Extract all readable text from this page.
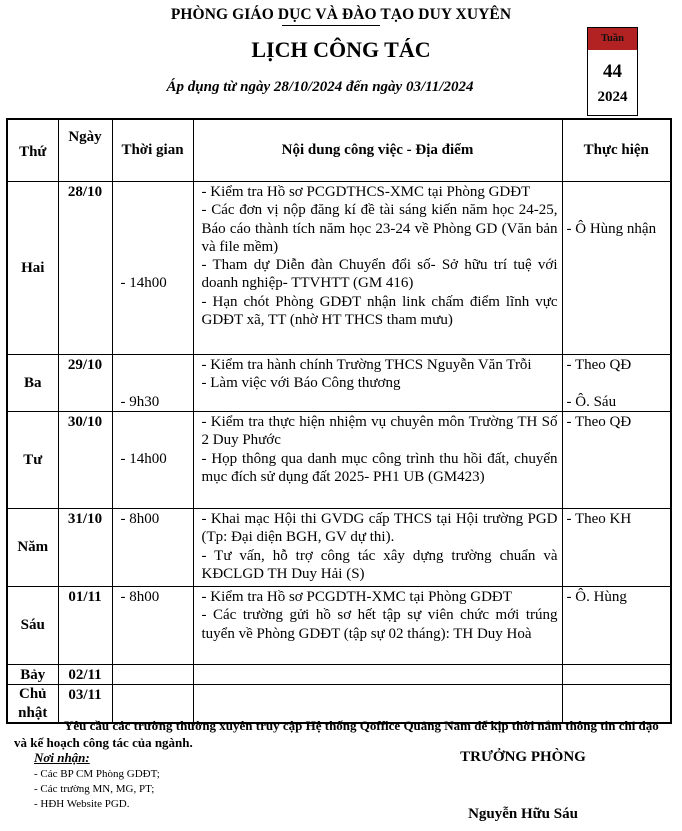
PHÒNG GIÁO DỤC VÀ ĐÀO TẠO DUY XUYÊN
LỊCH CÔNG TÁC
Áp dụng từ ngày 28/10/2024 đến ngày 03/11/2024
Tuần
44
2024
Thứ	Ngày	Thời gian	Nội dung công việc - Địa điểm	Thực hiện
Hai	28/10	- 14h00	- Kiểm tra Hồ sơ PCGDTHCS-XMC tại Phòng GDĐT
- Các đơn vị nộp đăng kí đề tài sáng kiến năm học 24-25, Báo cáo thành tích năm học 23-24 về Phòng GD (Văn bản và file mềm)
- Tham dự Diễn đàn Chuyển đổi số- Sở hữu trí tuệ với doanh nghiệp- TTVHTT (GM 416)
- Hạn chót Phòng GDĐT nhận link chấm điểm lĩnh vực GDĐT xã, TT (nhờ HT THCS tham mưu)	- Ô Hùng nhận

Ba	29/10	- 9h30	- Kiểm tra hành chính Trường THCS Nguyễn Văn Trỗi
- Làm việc với Báo Công thương	- Theo QĐ

- Ô. Sáu

Tư	30/10	- 14h00	- Kiểm tra thực hiện nhiệm vụ chuyên môn Trường TH Số 2 Duy Phước
- Họp thông qua danh mục công trình thu hồi đất, chuyển mục đích sử dụng đất 2025- PH1 UB (GM423)	- Theo QĐ

Năm	31/10	- 8h00	- Khai mạc Hội thi GVDG cấp THCS tại Hội trường PGD (Tp: Đại diện BGH, GV dự thi).
- Tư vấn, hỗ trợ công tác xây dựng trường chuẩn và KĐCLGD TH Duy Hải (S)	- Theo KH

Sáu	01/11	- 8h00	- Kiểm tra Hồ sơ PCGDTH-XMC tại Phòng GDĐT
- Các trường gửi hồ sơ hết tập sự viên chức mới trúng tuyển về Phòng GDĐT (tập sự 02 tháng): TH Duy Hoà	- Ô. Hùng

Bảy	02/11			
Chủ nhật	03/11			
Yêu cầu các trường thường xuyên truy cập Hệ thống Qoffice Quảng Nam để kịp thời nắm thông tin chỉ đạo và kế hoạch công tác của ngành.
Nơi nhận:
- Các BP CM Phòng GDĐT;
- Các trường MN, MG, PT;
- HĐH Website PGD.
TRƯỞNG PHÒNG
Nguyễn Hữu Sáu
